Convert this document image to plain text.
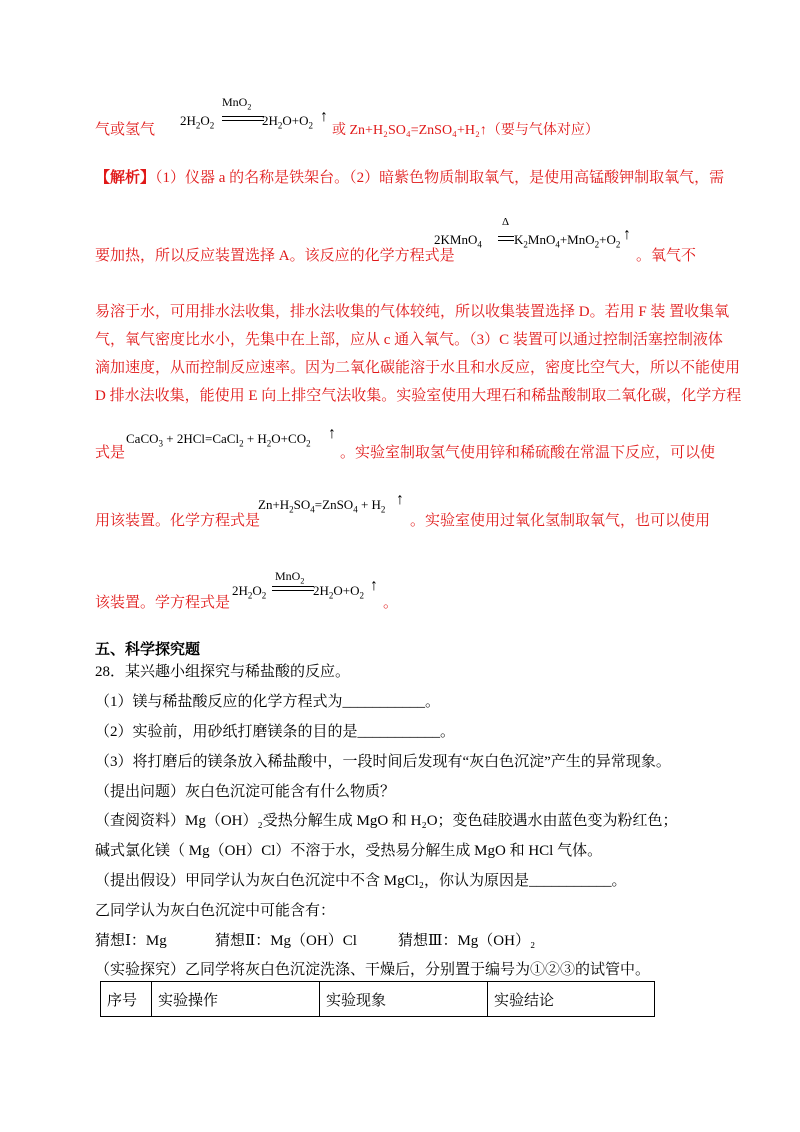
气或氢气
MnO$_2$
$2H_2O_2$	$2H_2O+O_2$
↑
或 Zn+H₂SO₄=ZnSO₄+H₂↑（要与气体对应）
【解析】（1）仪器 a 的名称是铁架台。（2）暗紫色物质制取氧气，是使用高锰酸钾制取氧气，需
要加热，所以反应装置选择 A。该反应的化学方程式是
2KMnO$_4$
Δ
$K_2MnO_4+MnO_2+O_2$
↑
。氧气不
易溶于水，可用排水法收集，排水法收集的气体较纯，所以收集装置选择 D。若用 F 装 置收集氧
气，氧气密度比水小，先集中在上部，应从 c 通入氧气。（3）C 装置可以通过控制活塞控制液体
滴加速度，从而控制反应速率。因为二氧化碳能溶于水且和水反应，密度比空气大，所以不能使用
D 排水法收集，能使用 E 向上排空气法收集。实验室使用大理石和稀盐酸制取二氧化碳，化学方程
式是
CaCO$_3$ + 2HCl=CaCl$_2$ + $H_2O+CO_2$
↑
。实验室制取氢气使用锌和稀硫酸在常温下反应，可以使
用该装置。化学方程式是
$Zn+H_2SO_4=ZnSO_4 + H_2$
↑
。实验室使用过氧化氢制取氧气，也可以使用
该装置。学方程式是
MnO$_2$
$2H_2O_2$	$2H_2O+O_2$
↑
。
五、科学探究题
28．某兴趣小组探究与稀盐酸的反应。
（1）镁与稀盐酸反应的化学方程式为___________。
（2）实验前，用砂纸打磨镁条的目的是___________。
（3）将打磨后的镁条放入稀盐酸中，一段时间后发现有“灰白色沉淀”产生的异常现象。
（提出问题）灰白色沉淀可能含有什么物质？
（查阅资料）Mg（OH）₂受热分解生成 MgO 和 H₂O；变色硅胶遇水由蓝色变为粉红色；
碱式氯化镁（ Mg（OH）Cl）不溶于水，受热易分解生成 MgO 和 HCl 气体。
（提出假设）甲同学认为灰白色沉淀中不含 MgCl₂，你认为原因是___________。
乙同学认为灰白色沉淀中可能含有：
猜想Ⅰ：Mg	猜想Ⅱ：Mg（OH）Cl	猜想Ⅲ：Mg（OH）₂
（实验探究）乙同学将灰白色沉淀洗涤、干燥后，分别置于编号为①②③的试管中。
序号	实验操作	实验现象	实验结论
